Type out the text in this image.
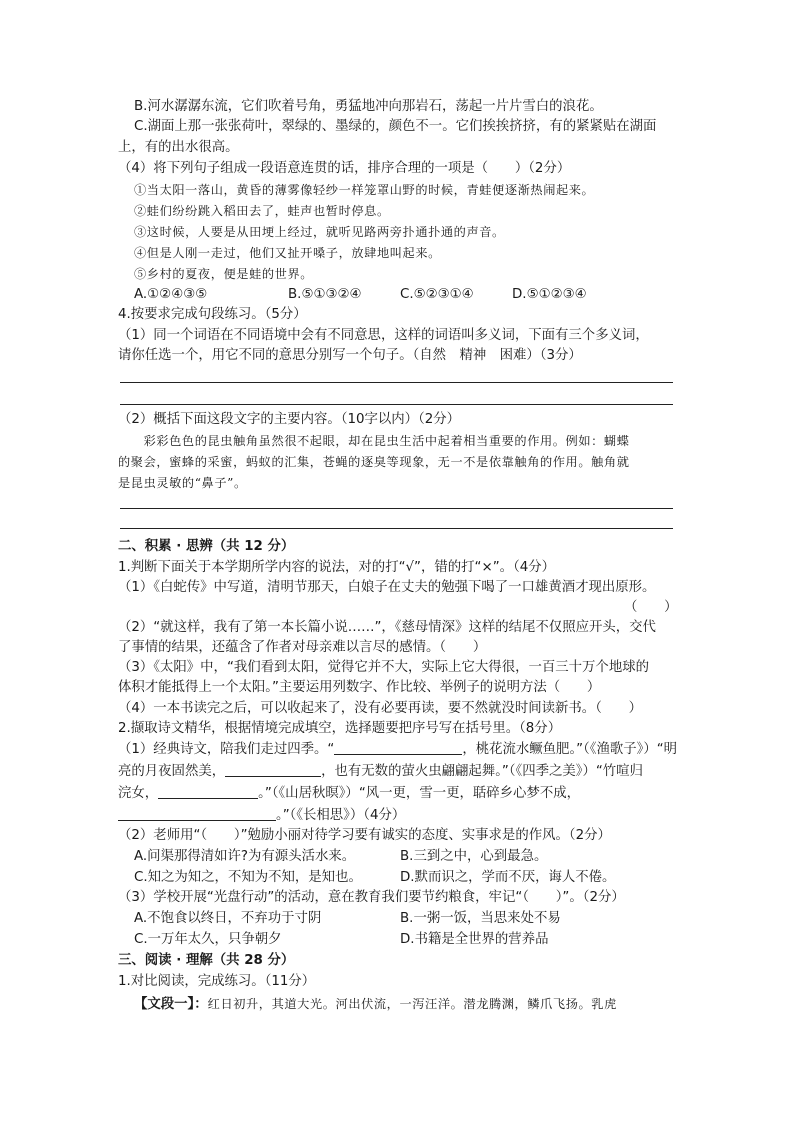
B.河水潺潺东流，它们吹着号角，勇猛地冲向那岩石，荡起一片片雪白的浪花。
C.湖面上那一张张荷叶，翠绿的、墨绿的，颜色不一。它们挨挨挤挤，有的紧紧贴在湖面
上，有的出水很高。
（4）将下列句子组成一段语意连贯的话，排序合理的一项是（　　）（2分）
①当太阳一落山，黄昏的薄雾像轻纱一样笼罩山野的时候，青蛙便逐渐热闹起来。
②蛙们纷纷跳入稻田去了，蛙声也暂时停息。
③这时候，人要是从田埂上经过，就听见路两旁扑通扑通的声音。
④但是人刚一走过，他们又扯开嗓子，放肆地叫起来。
⑤乡村的夏夜，便是蛙的世界。
A.①②④③⑤	B.⑤①③②④	C.⑤②③①④	D.⑤①②③④
4.按要求完成句段练习。（5分）
（1）同一个词语在不同语境中会有不同意思，这样的词语叫多义词，下面有三个多义词，
请你任选一个，用它不同的意思分别写一个句子。（自然　精神　困难）（3分）
（2）概括下面这段文字的主要内容。（10字以内）（2分）
　　彩彩色色的昆虫触角虽然很不起眼，却在昆虫生活中起着相当重要的作用。例如：蝴蝶
的聚会，蜜蜂的采蜜，蚂蚁的汇集，苍蝇的逐臭等现象，无一不是依靠触角的作用。触角就
是昆虫灵敏的“鼻子”。
二、积累 · 思辨（共 12 分）
1.判断下面关于本学期所学内容的说法，对的打“√”，错的打“×”。（4分）
（1）《白蛇传》中写道，清明节那天，白娘子在丈夫的勉强下喝了一口雄黄酒才现出原形。
（　　）
（2）“就这样，我有了第一本长篇小说……”，《慈母情深》这样的结尾不仅照应开头，交代
了事情的结果，还蕴含了作者对母亲难以言尽的感情。（　　）
（3）《太阳》中，“我们看到太阳，觉得它并不大，实际上它大得很，一百三十万个地球的
体积才能抵得上一个太阳。”主要运用列数字、作比较、举例子的说明方法（　　）
（4）一本书读完之后，可以收起来了，没有必要再读，要不然就没时间读新书。（　　）
2.撷取诗文精华，根据情境完成填空，选择题要把序号写在括号里。（8分）
（1）经典诗文，陪我们走过四季。“	，桃花流水鳜鱼肥。”（《渔歌子》）“明
亮的月夜固然美，	，也有无数的萤火虫翩翩起舞。”（《四季之美》）“竹喧归
浣女，	。”（《山居秋暝》）“风一更，雪一更，聒碎乡心梦不成，
。”（《长相思》）（4分）
（2）老师用“（　　）”勉励小丽对待学习要有诚实的态度、实事求是的作风。（2分）
A.问渠那得清如许?为有源头活水来。	B.三到之中，心到最急。
C.知之为知之，不知为不知，是知也。	D.默而识之，学而不厌，诲人不倦。
（3）学校开展“光盘行动”的活动，意在教育我们要节约粮食，牢记“（　　）”。（2分）
A.不饱食以终日，不弃功于寸阴	B.一粥一饭，当思来处不易
C.一万年太久，只争朝夕	D.书籍是全世界的营养品
三、阅读 · 理解（共 28 分）
1.对比阅读，完成练习。（11分）
【文段一】：红日初升，其道大光。河出伏流，一泻汪洋。潜龙腾渊，鳞爪飞扬。乳虎
